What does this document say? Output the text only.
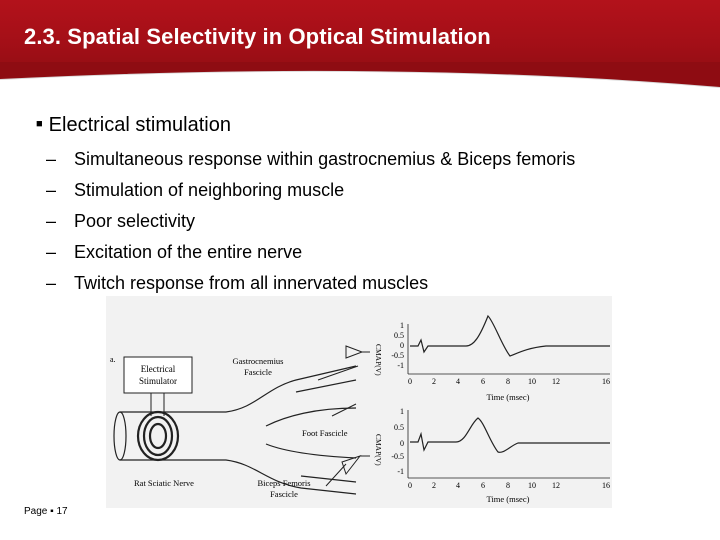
2.3. Spatial Selectivity in Optical Stimulation
■ Electrical stimulation
– Simultaneous response within gastrocnemius & Biceps femoris
– Stimulation of neighboring muscle
– Poor selectivity
– Excitation of the entire nerve
– Twitch response from all innervated muscles
a.
Electrical
Stimulator
Gastrocnemius
Fascicle
Foot Fascicle
Rat Sciatic Nerve	Biceps Femoris
Fascicle
CMAP(V)
1
0.5
0
-0.5
-1
0	2	4	6	8 10 12	16
Time (msec)
CMAP(V)
1
0.5
0
-0.5
-1
0	2	4	6	8 10 12	16
Time (msec)
Page ▪ 17
